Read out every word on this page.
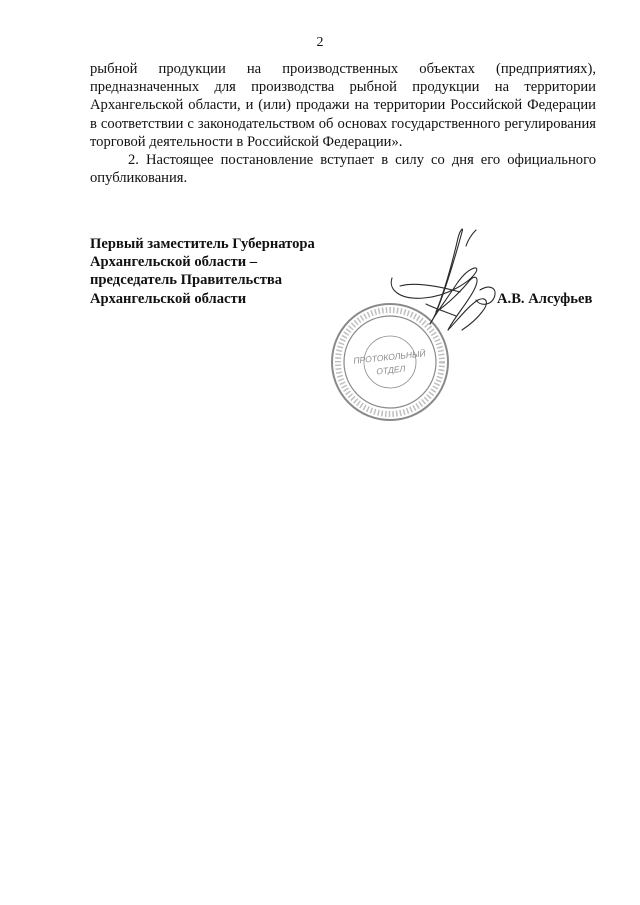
2

рыбной продукции на производственных объектах (предприятиях), предназначенных для производства рыбной продукции на территории Архангельской области, и (или) продажи на территории Российской Федерации в соответствии с законодательством об основах государственного регулирования торговой деятельности в Российской Федерации».

2. Настоящее постановление вступает в силу со дня его официального опубликования.

Первый заместитель Губернатора
Архангельской области –
председатель Правительства
Архангельской области	А.В. Алсуфьев
ПРОТОКОЛЬНЫЙ
ОТДЕЛ
